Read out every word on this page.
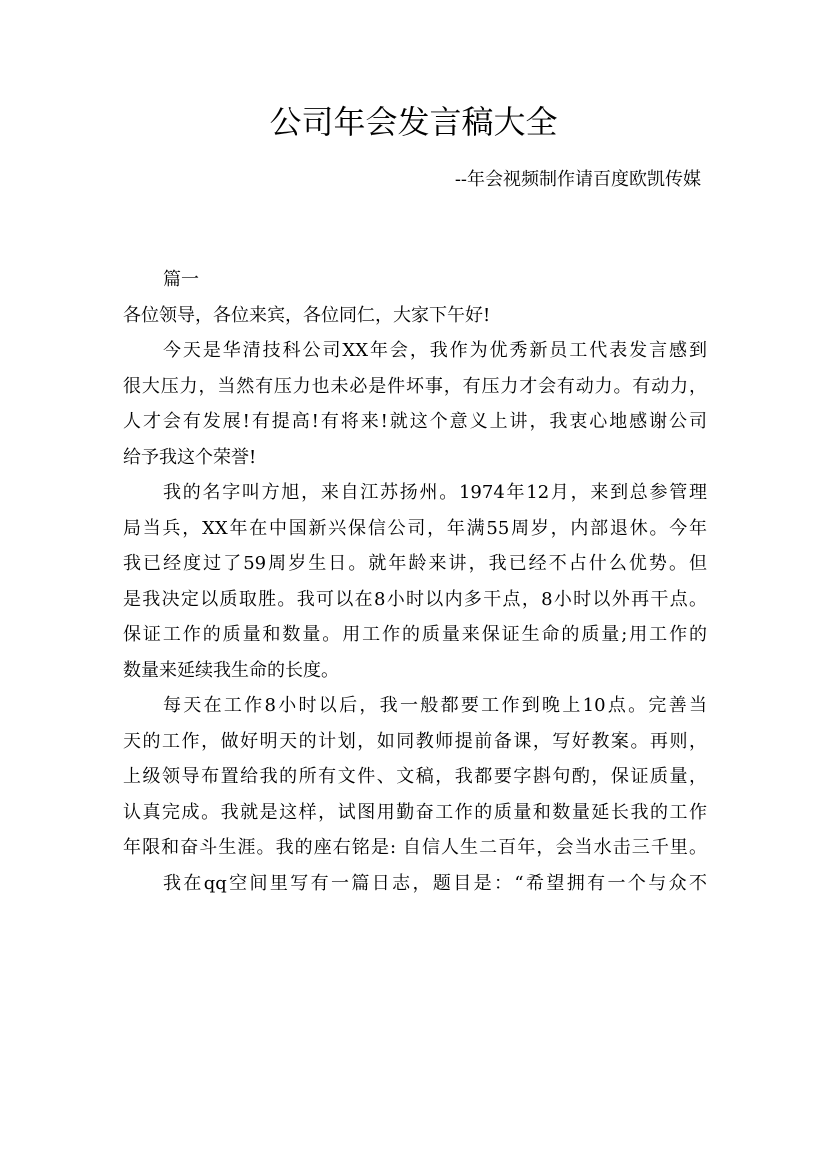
公司年会发言稿大全
--年会视频制作请百度欧凯传媒
篇一
各位领导，各位来宾，各位同仁，大家下午好!
今天是华清技科公司XX年会，我作为优秀新员工代表发言感到
很大压力，当然有压力也未必是件坏事，有压力才会有动力。有动力，
人才会有发展!有提高!有将来!就这个意义上讲，我衷心地感谢公司
给予我这个荣誉!
我的名字叫方旭，来自江苏扬州。1974年12月，来到总参管理
局当兵，XX年在中国新兴保信公司，年满55周岁，内部退休。今年
我已经度过了59周岁生日。就年龄来讲，我已经不占什么优势。但
是我决定以质取胜。我可以在8小时以内多干点，8小时以外再干点。
保证工作的质量和数量。用工作的质量来保证生命的质量;用工作的
数量来延续我生命的长度。
每天在工作8小时以后，我一般都要工作到晚上10点。完善当
天的工作，做好明天的计划，如同教师提前备课，写好教案。再则，
上级领导布置给我的所有文件、文稿，我都要字斟句酌，保证质量，
认真完成。我就是这样，试图用勤奋工作的质量和数量延长我的工作
年限和奋斗生涯。我的座右铭是: 自信人生二百年，会当水击三千里。
我在qq空间里写有一篇日志，题目是：“希望拥有一个与众不
